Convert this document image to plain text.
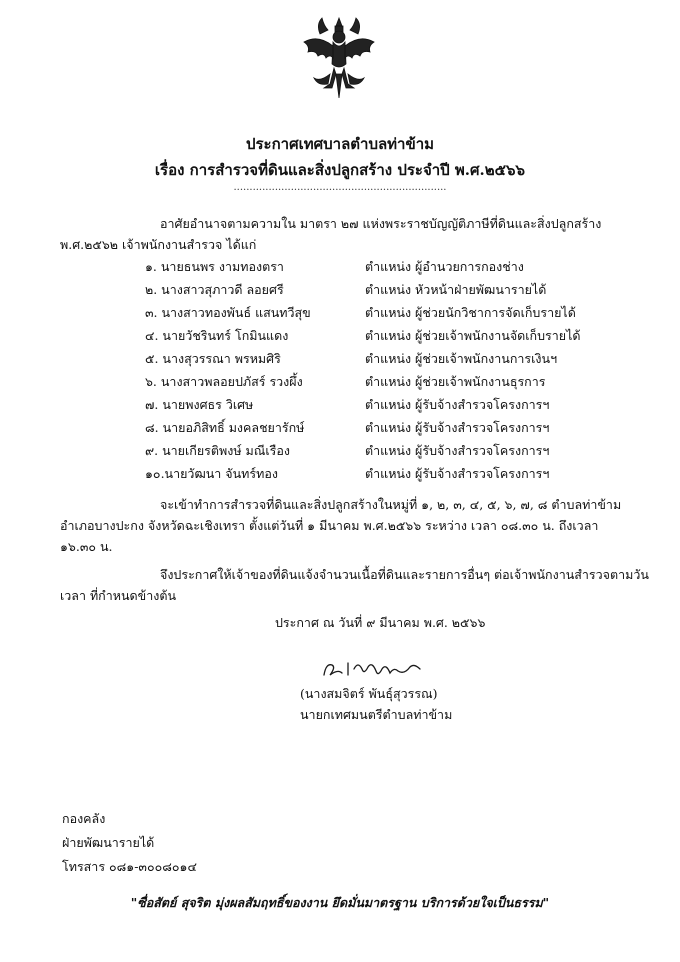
ประกาศเทศบาลตำบลท่าข้าม
เรื่อง การสำรวจที่ดินและสิ่งปลูกสร้าง ประจำปี พ.ศ.๒๕๖๖
...................................................................
อาศัยอำนาจตามความใน มาตรา ๒๗ แห่งพระราชบัญญัติภาษีที่ดินและสิ่งปลูกสร้าง
พ.ศ.๒๕๖๒ เจ้าพนักงานสำรวจ ได้แก่
๑. นายธนพร งามทองตรา	ตำแหน่ง ผู้อำนวยการกองช่าง
๒. นางสาวสุภาวดี ลอยศรี	ตำแหน่ง หัวหน้าฝ่ายพัฒนารายได้
๓. นางสาวทองพันธ์ แสนทวีสุข	ตำแหน่ง ผู้ช่วยนักวิชาการจัดเก็บรายได้
๔. นายวัชรินทร์ โกมินแดง	ตำแหน่ง ผู้ช่วยเจ้าพนักงานจัดเก็บรายได้
๕. นางสุวรรณา พรหมศิริ	ตำแหน่ง ผู้ช่วยเจ้าพนักงานการเงินฯ
๖. นางสาวพลอยปภัสร์ รวงผึ้ง	ตำแหน่ง ผู้ช่วยเจ้าพนักงานธุรการ
๗. นายพงศธร วิเศษ	ตำแหน่ง ผู้รับจ้างสำรวจโครงการฯ
๘. นายอภิสิทธิ์ มงคลชยารักษ์	ตำแหน่ง ผู้รับจ้างสำรวจโครงการฯ
๙. นายเกียรติพงษ์ มณีเรือง	ตำแหน่ง ผู้รับจ้างสำรวจโครงการฯ
๑๐.นายวัฒนา จันทร์ทอง	ตำแหน่ง ผู้รับจ้างสำรวจโครงการฯ
จะเข้าทำการสำรวจที่ดินและสิ่งปลูกสร้างในหมู่ที่ ๑, ๒, ๓, ๔, ๕, ๖, ๗, ๘ ตำบลท่าข้าม
อำเภอบางปะกง จังหวัดฉะเชิงเทรา ตั้งแต่วันที่ ๑ มีนาคม พ.ศ.๒๕๖๖ ระหว่าง เวลา ๐๘.๓๐ น. ถึงเวลา
๑๖.๓๐ น.
จึงประกาศให้เจ้าของที่ดินแจ้งจำนวนเนื้อที่ดินและรายการอื่นๆ ต่อเจ้าพนักงานสำรวจตามวัน
เวลา ที่กำหนดข้างต้น
ประกาศ ณ วันที่ ๙ มีนาคม พ.ศ. ๒๕๖๖
(นางสมจิตร์ พันธุ์สุวรรณ)
นายกเทศมนตรีตำบลท่าข้าม
กองคลัง
ฝ่ายพัฒนารายได้
โทรสาร ๐๘๑-๓๐๐๘๐๑๔
"ซื่อสัตย์ สุจริต มุ่งผลสัมฤทธิ์ของงาน ยึดมั่นมาตรฐาน บริการด้วยใจเป็นธรรม"
